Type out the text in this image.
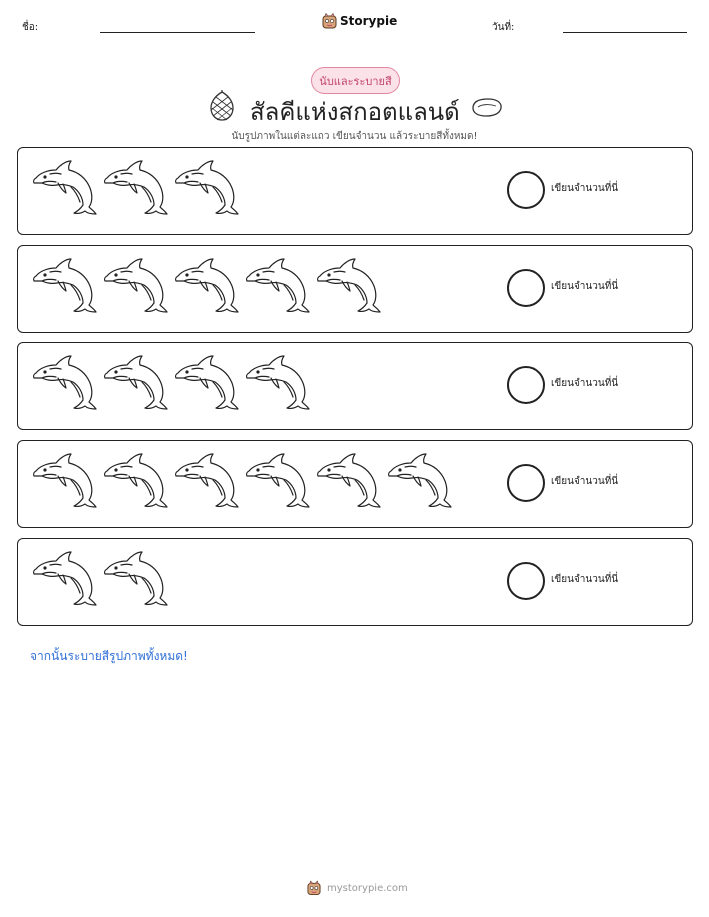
ชื่อ:	Storypie	วันที่:
นับและระบายสี
สัลคีแห่งสกอตแลนด์
นับรูปภาพในแต่ละแถว เขียนจำนวน แล้วระบายสีทั้งหมด!
เขียนจำนวนที่นี่
เขียนจำนวนที่นี่
เขียนจำนวนที่นี่
เขียนจำนวนที่นี่
เขียนจำนวนที่นี่
จากนั้นระบายสีรูปภาพทั้งหมด!
mystorypie.com
